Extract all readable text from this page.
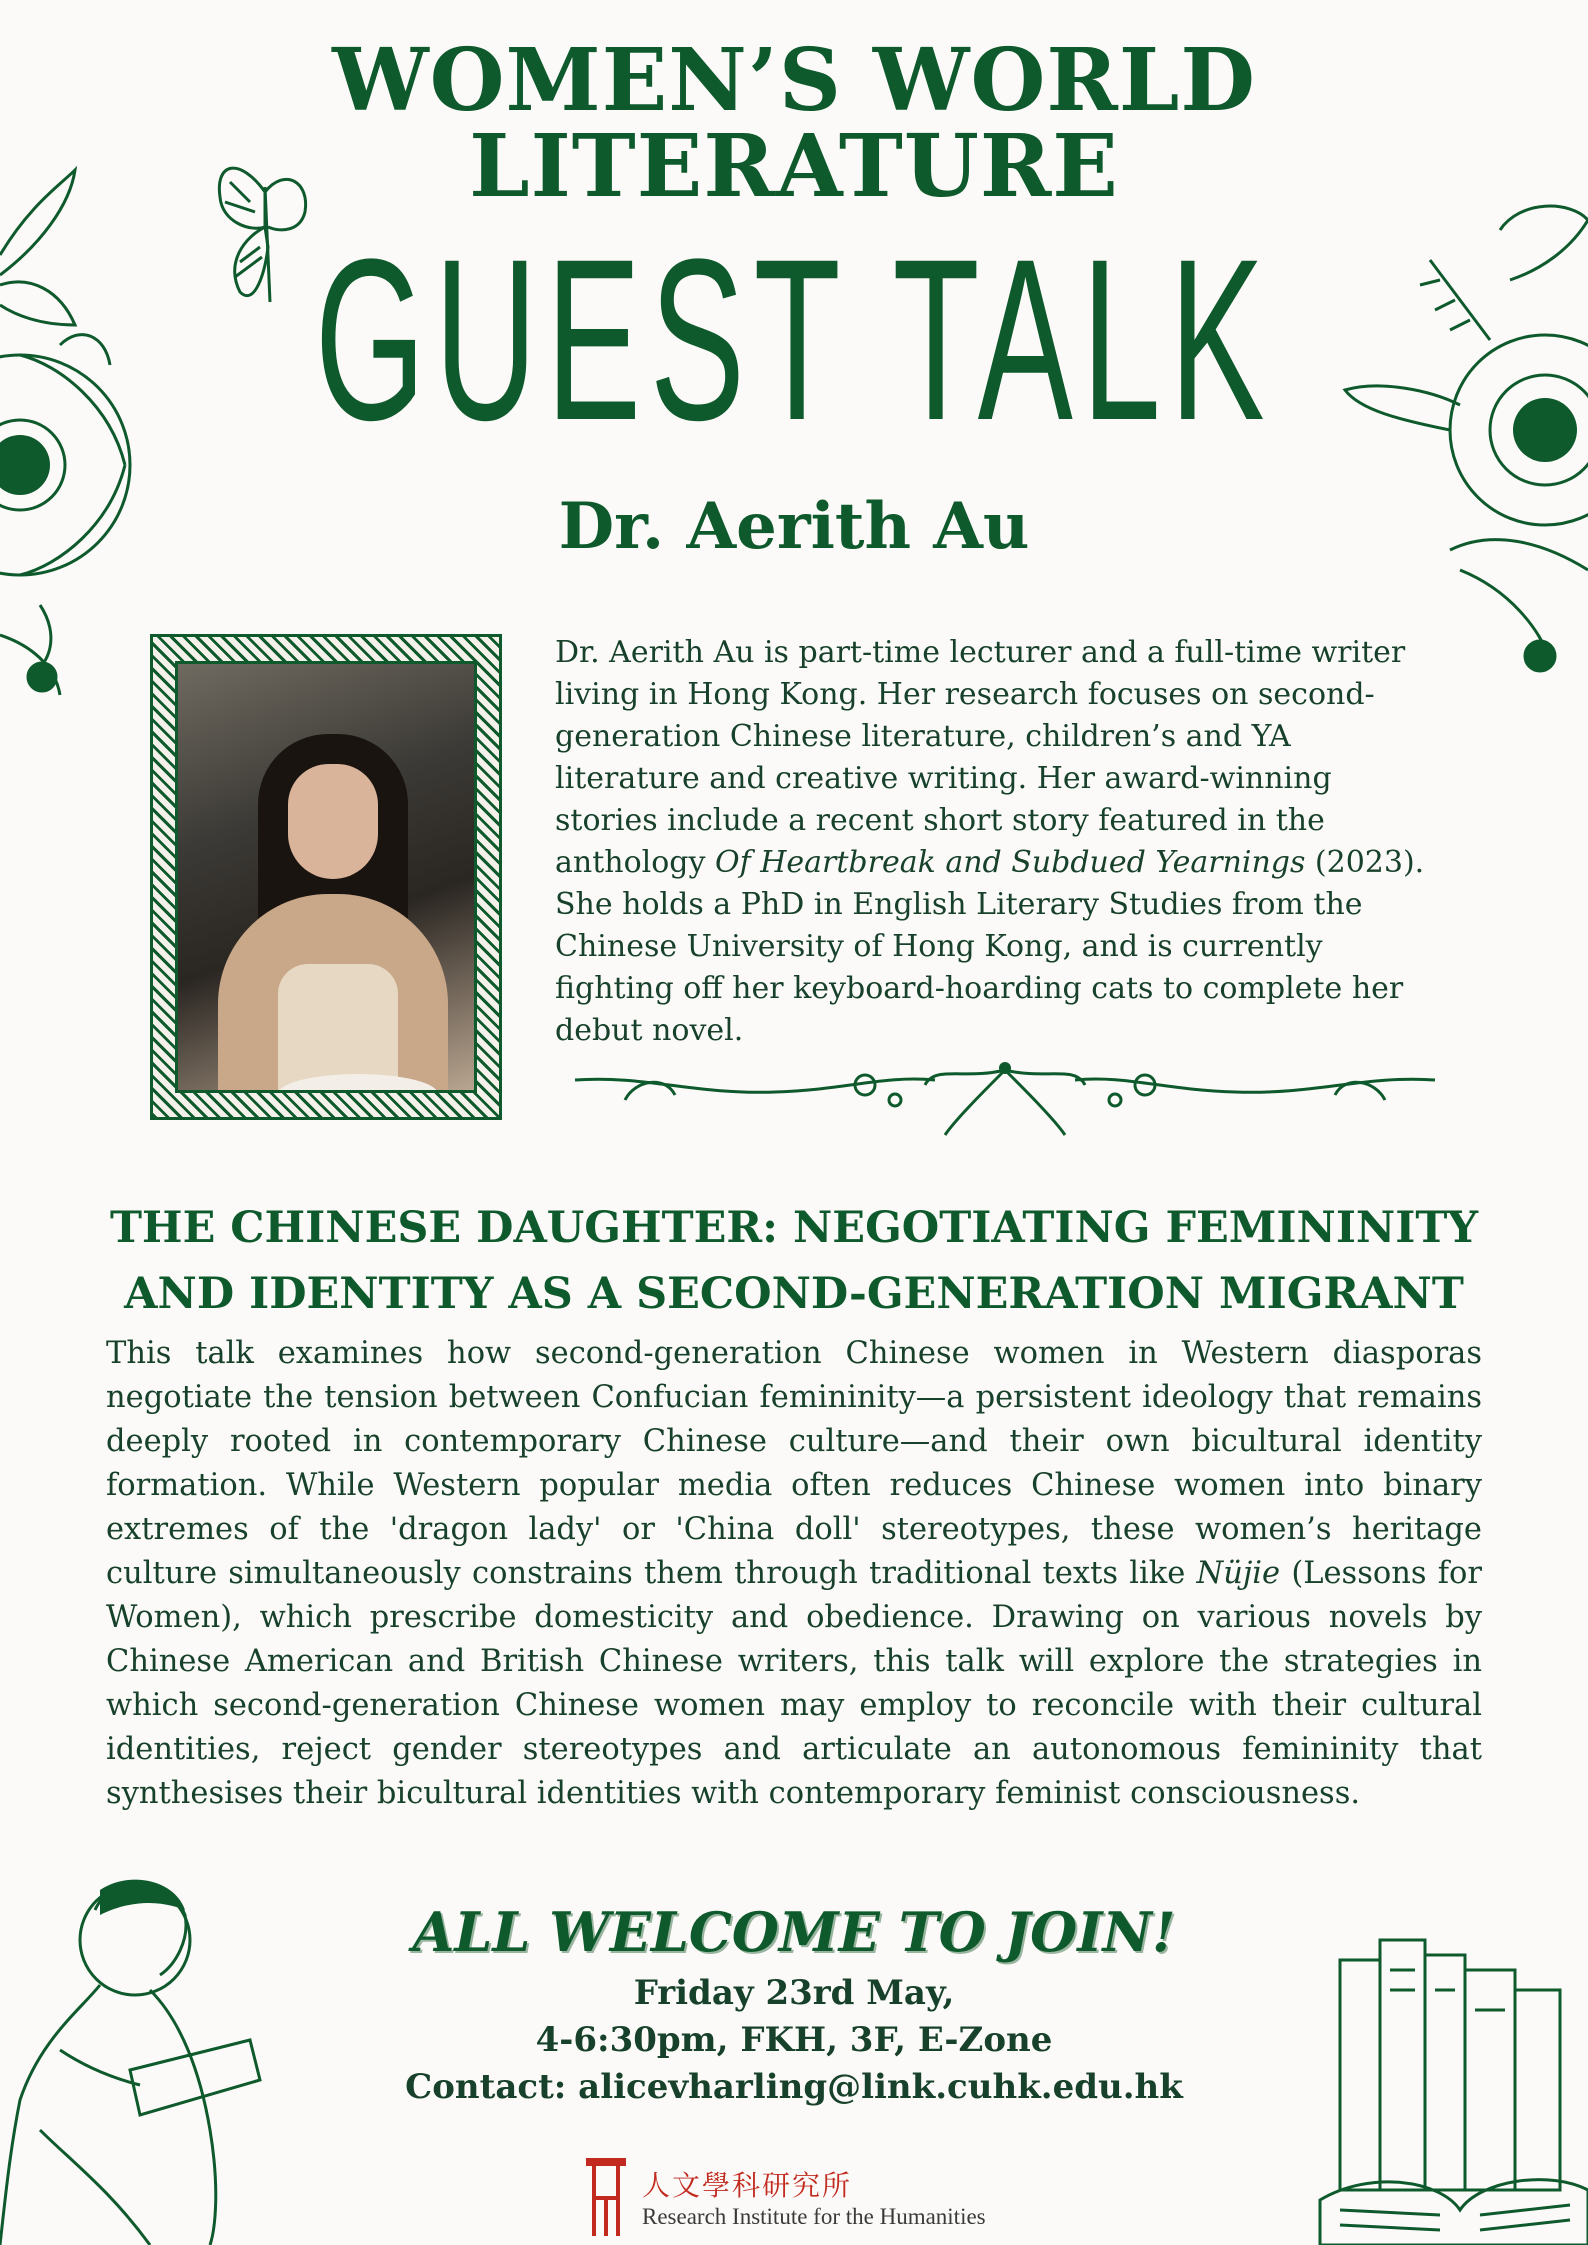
WOMEN’S WORLD LITERATURE
GUEST TALK
Dr. Aerith Au
Dr. Aerith Au is part-time lecturer and a full-time writer living in Hong Kong. Her research focuses on second-generation Chinese literature, children’s and YA literature and creative writing. Her award-winning stories include a recent short story featured in the anthology Of Heartbreak and Subdued Yearnings (2023). She holds a PhD in English Literary Studies from the Chinese University of Hong Kong, and is currently fighting off her keyboard-hoarding cats to complete her debut novel.
THE CHINESE DAUGHTER: NEGOTIATING FEMININITY
AND IDENTITY AS A SECOND-GENERATION MIGRANT
This talk examines how second-generation Chinese women in Western diasporas negotiate the tension between Confucian femininity—a persistent ideology that remains deeply rooted in contemporary Chinese culture—and their own bicultural identity formation. While Western popular media often reduces Chinese women into binary extremes of the 'dragon lady' or 'China doll' stereotypes, these women’s heritage culture simultaneously constrains them through traditional texts like Nüjie (Lessons for Women), which prescribe domesticity and obedience. Drawing on various novels by Chinese American and British Chinese writers, this talk will explore the strategies in which second-generation Chinese women may employ to reconcile with their cultural identities, reject gender stereotypes and articulate an autonomous femininity that synthesises their bicultural identities with contemporary feminist consciousness.
ALL WELCOME TO JOIN!
Friday 23rd May,
4-6:30pm, FKH, 3F, E-Zone
Contact: alicevharling@link.cuhk.edu.hk
人文學科研究所
Research Institute for the Humanities
